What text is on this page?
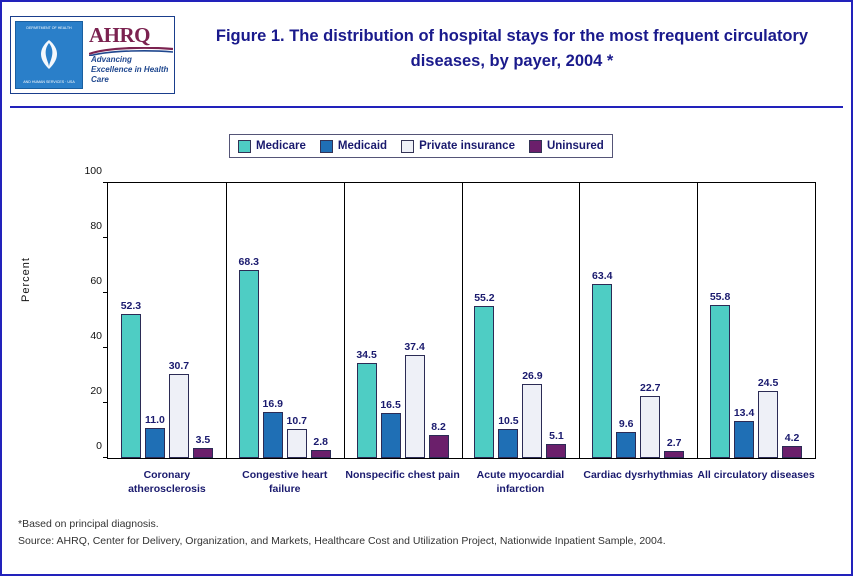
DEPARTMENT OF HEALTH
AND HUMAN SERVICES · USA
AHRQ
Advancing Excellence in Health Care
Figure 1. The distribution of hospital stays for the most frequent circulatory diseases, by payer, 2004 *
Medicare	Medicaid	Private insurance	Uninsured
Percent
0
20
40
60
80
100
52.3
11.0
30.7
3.5
Coronary atherosclerosis
68.3
16.9
10.7
2.8
Congestive heart failure
34.5
16.5
37.4
8.2
Nonspecific chest pain
55.2
10.5
26.9
5.1
Acute myocardial infarction
63.4
9.6
22.7
2.7
Cardiac dysrhythmias
55.8
13.4
24.5
4.2
All circulatory diseases
*Based on principal diagnosis.
Source: AHRQ, Center for Delivery, Organization, and Markets, Healthcare Cost and Utilization Project, Nationwide Inpatient Sample, 2004.
